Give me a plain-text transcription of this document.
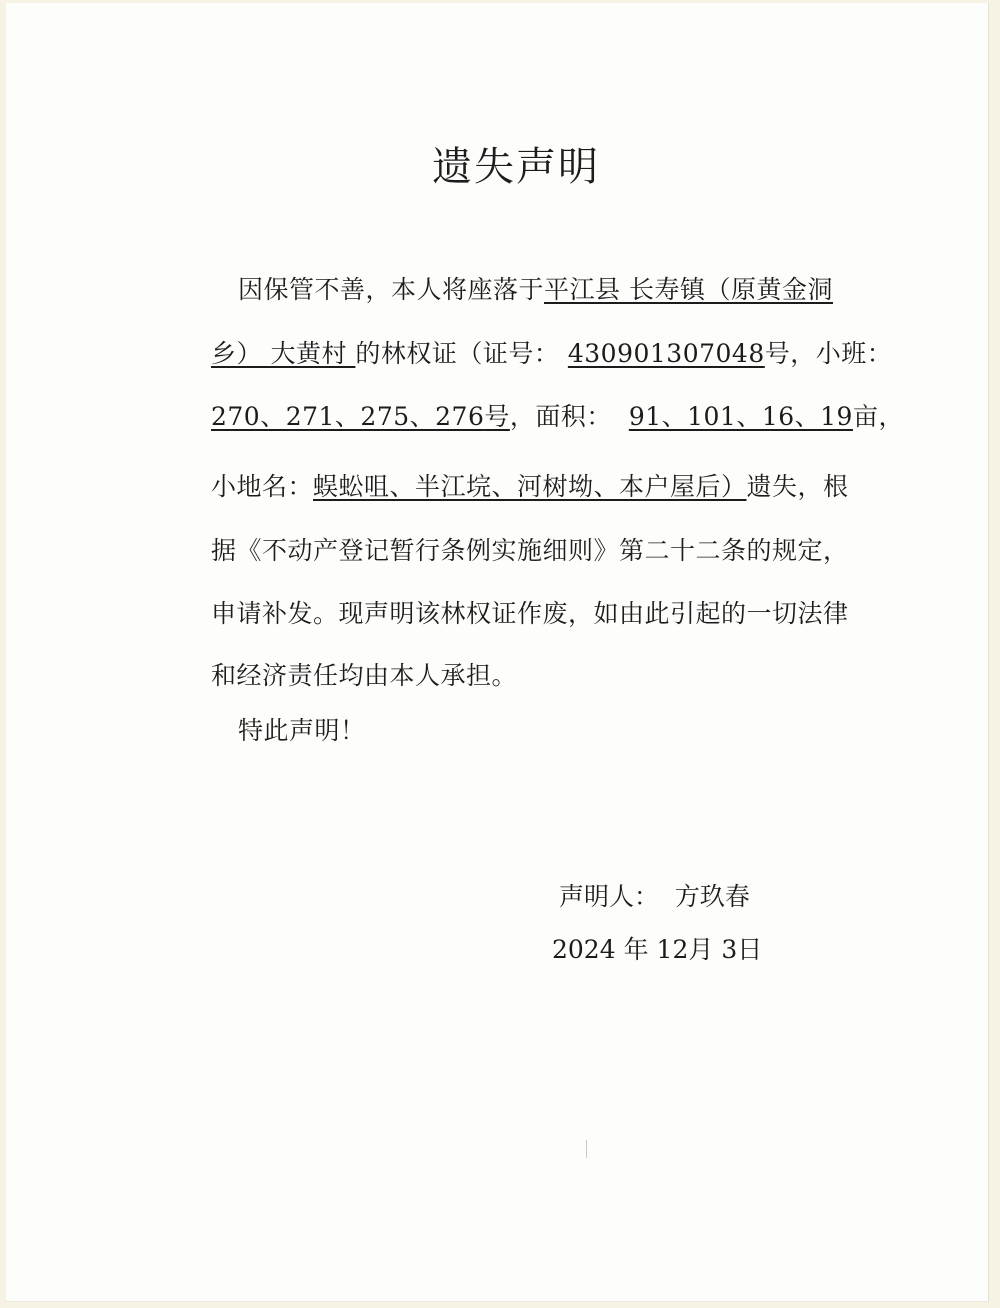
遗失声明
因保管不善，本人将座落于平江县 长寿镇（原黄金洞
乡） 大黄村 的林权证（证号： 430901307048号，小班：
270、271、275、276号，面积： 91、101、16、19亩，
小地名：蜈蚣咀、半江垸、河树坳、本户屋后）遗失，根
据《不动产登记暂行条例实施细则》第二十二条的规定，
申请补发。现声明该林权证作废，如由此引起的一切法律
和经济责任均由本人承担。
特此声明！
声明人： 方玖春
2024 年 12月 3日
